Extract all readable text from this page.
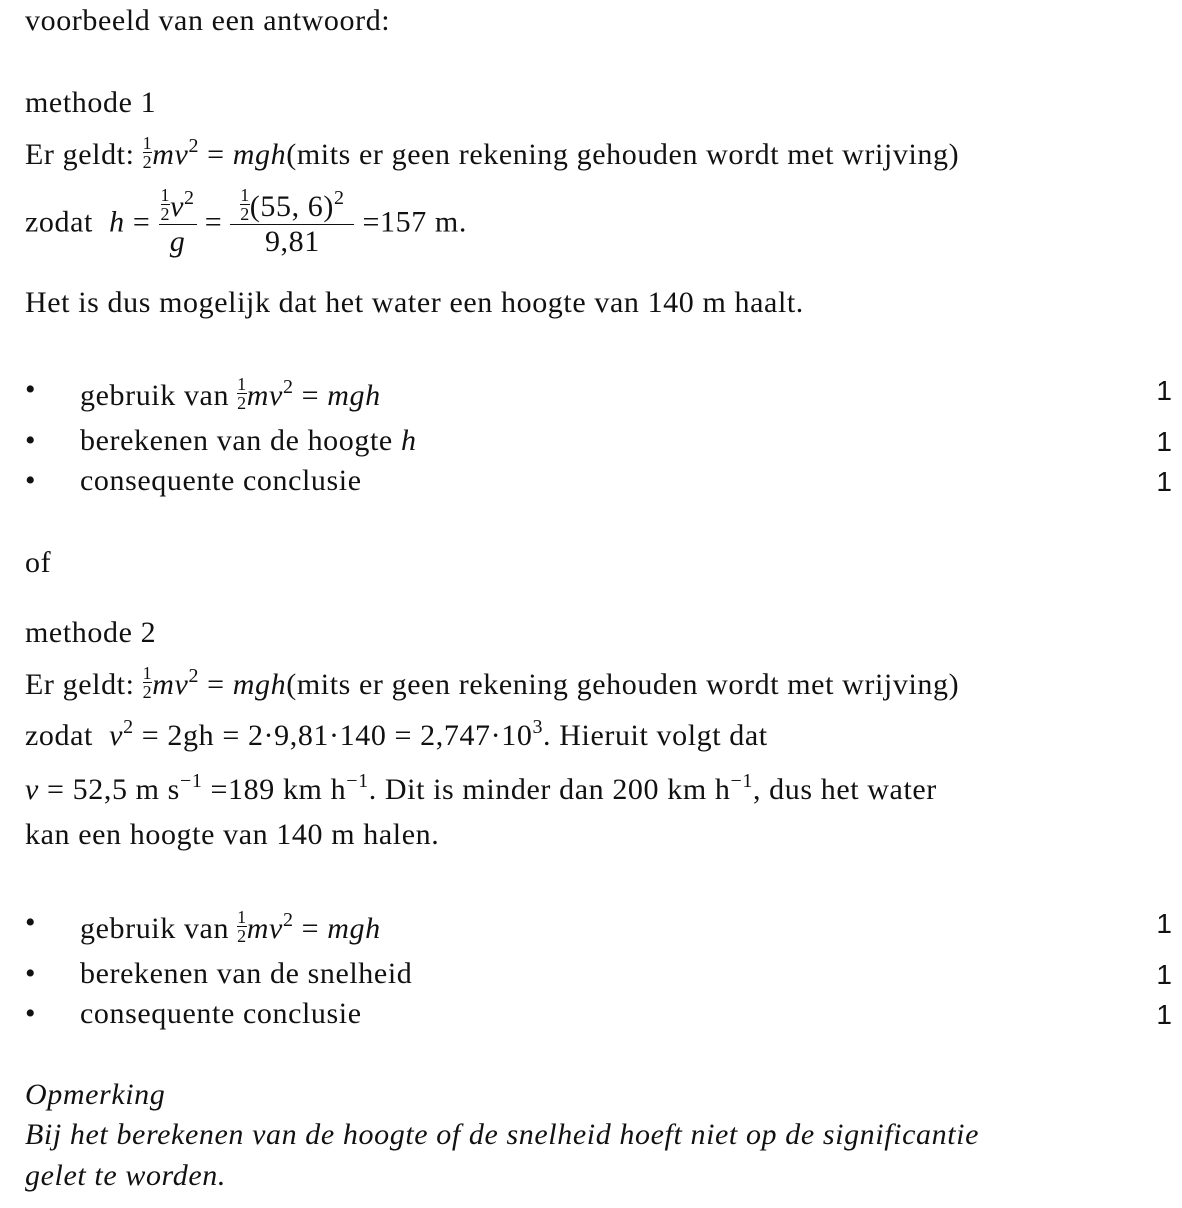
voorbeeld van een antwoord:
methode 1
Er geldt: $\frac{1}{2} mv^2$ = mgh(mits er geen rekening gehouden wordt met wrijving)
zodat $h = \frac{\frac{1}{2} v^2}{g} = \frac{\frac{1}{2} (55, 6)^2}{9,81} =157$ m.
Het is dus mogelijk dat het water een hoogte van 140 m haalt.
• gebruik van $\frac{1}{2} mv^2$ = mgh	1
• berekenen van de hoogte h	1
• consequente conclusie	1
of
methode 2
Er geldt: $\frac{1}{2} mv^2$ = mgh(mits er geen rekening gehouden wordt met wrijving)
zodat $v^2 = 2gh = 2\cdot 9,81\cdot 140 = 2,747\cdot 10^3$. Hieruit volgt dat
v = 52,5 m $s^{-1} =189$ km $h^{-1}$. Dit is minder dan 200 km $h^{-1}$, dus het water
kan een hoogte van 140 m halen.
• gebruik van $\frac{1}{2} mv^2$ = mgh	1
• berekenen van de snelheid	1
• consequente conclusie	1
Opmerking
Bij het berekenen van de hoogte of de snelheid hoeft niet op de significantie
gelet te worden.
